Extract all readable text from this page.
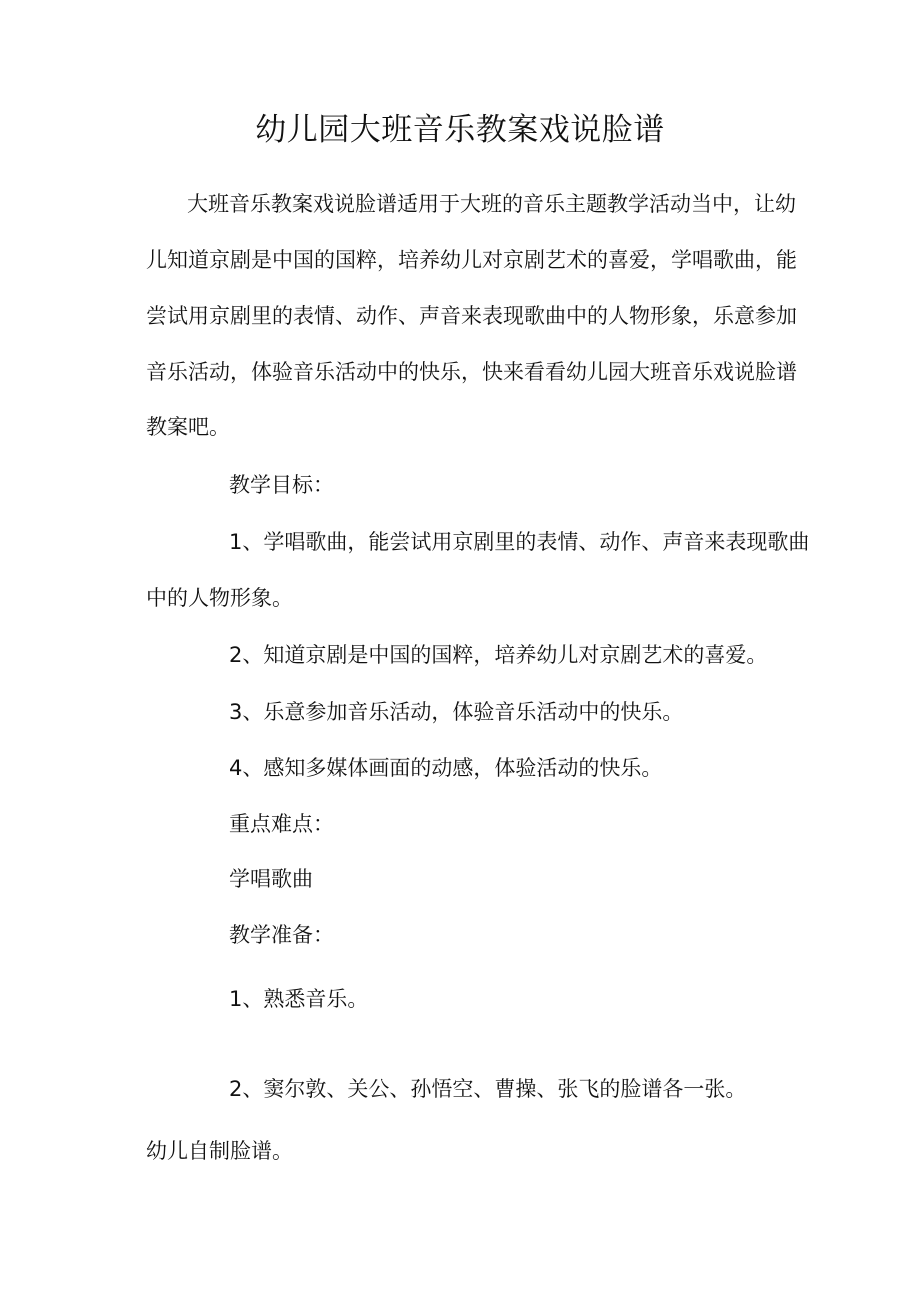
幼儿园大班音乐教案戏说脸谱
大班音乐教案戏说脸谱适用于大班的音乐主题教学活动当中，让幼
儿知道京剧是中国的国粹，培养幼儿对京剧艺术的喜爱，学唱歌曲，能
尝试用京剧里的表情、动作、声音来表现歌曲中的人物形象，乐意参加
音乐活动，体验音乐活动中的快乐，快来看看幼儿园大班音乐戏说脸谱
教案吧。
教学目标：
1、学唱歌曲，能尝试用京剧里的表情、动作、声音来表现歌曲
中的人物形象。
2、知道京剧是中国的国粹，培养幼儿对京剧艺术的喜爱。
3、乐意参加音乐活动，体验音乐活动中的快乐。
4、感知多媒体画面的动感，体验活动的快乐。
重点难点：
学唱歌曲
教学准备：
1、熟悉音乐。
2、窦尔敦、关公、孙悟空、曹操、张飞的脸谱各一张。
幼儿自制脸谱。
